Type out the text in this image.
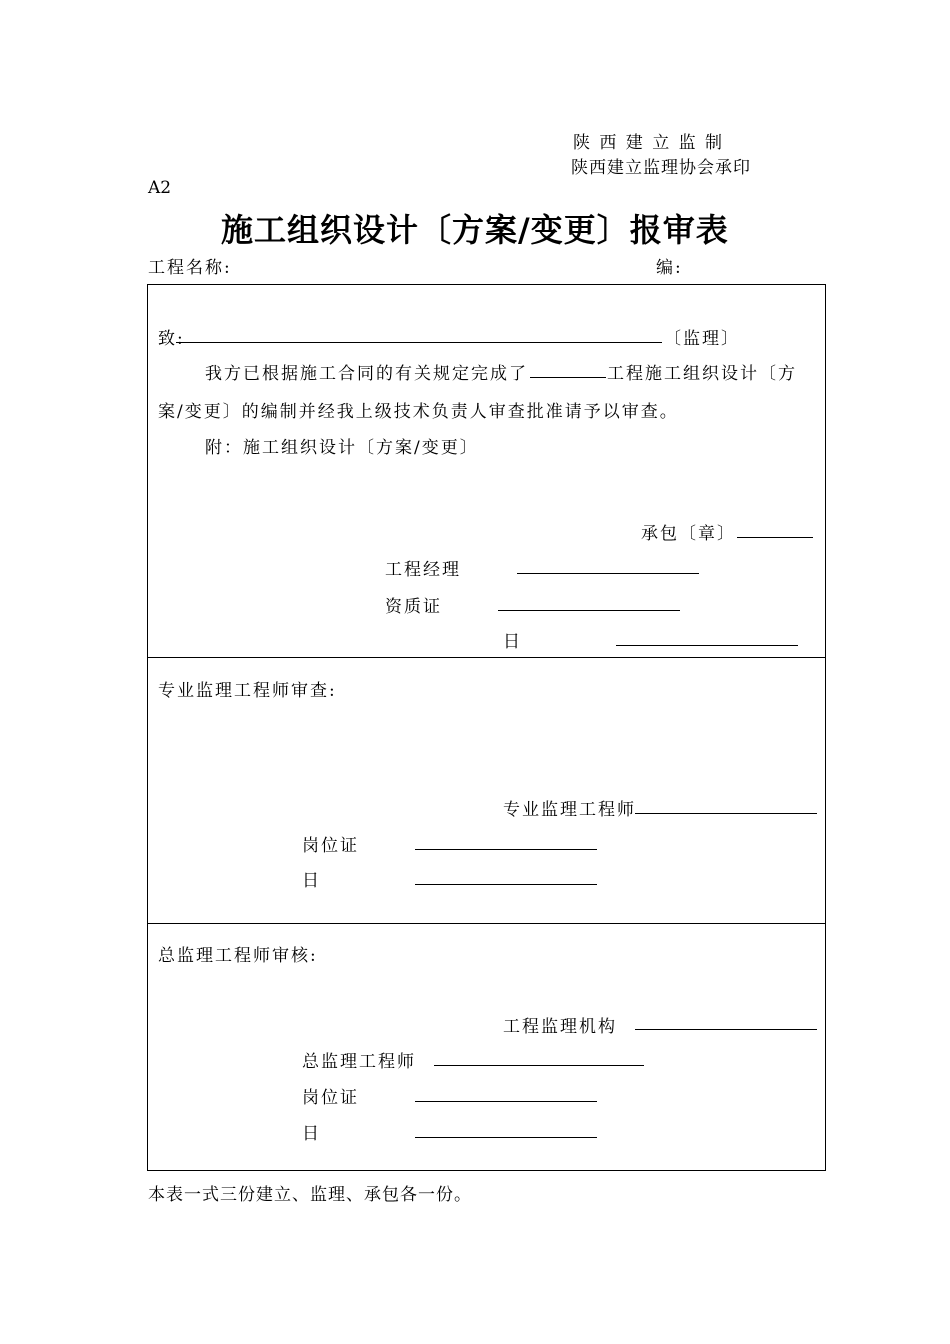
陕 西 建 立 监 制
陕西建立监理协会承印
A2
施工组织设计〔方案/变更〕报审表
工程名称:	编:
致:	〔监理〕
我方已根据施工合同的有关规定完成了	工程施工组织设计〔方
案/变更〕的编制并经我上级技术负责人审查批准请予以审查。
附：施工组织设计〔方案/变更〕
承包〔章〕
工程经理
资质证
日
专业监理工程师审查:
专业监理工程师
岗位证
日
总监理工程师审核:
工程监理机构
总监理工程师
岗位证
日
本表一式三份建立、监理、承包各一份。
